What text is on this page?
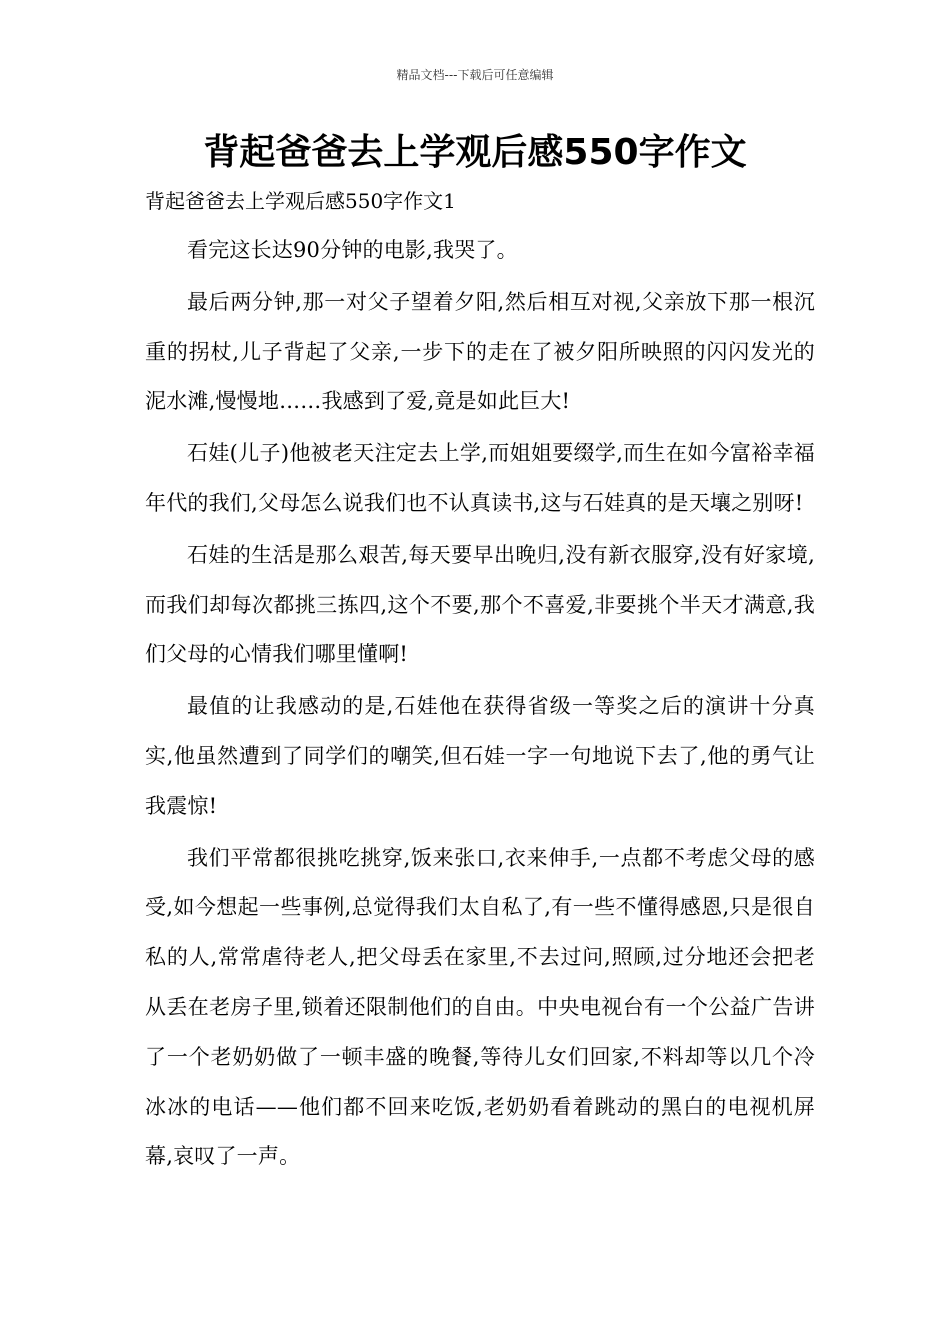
精品文档---下载后可任意编辑
背起爸爸去上学观后感550字作文
背起爸爸去上学观后感550字作文1

看完这长达90分钟的电影,我哭了。

最后两分钟,那一对父子望着夕阳,然后相互对视,父亲放下那一根沉重的拐杖,儿子背起了父亲,一步下的走在了被夕阳所映照的闪闪发光的泥水滩,慢慢地……我感到了爱,竟是如此巨大!

石娃(儿子)他被老天注定去上学,而姐姐要缀学,而生在如今富裕幸福年代的我们,父母怎么说我们也不认真读书,这与石娃真的是天壤之别呀!

石娃的生活是那么艰苦,每天要早出晚归,没有新衣服穿,没有好家境,而我们却每次都挑三拣四,这个不要,那个不喜爱,非要挑个半天才满意,我们父母的心情我们哪里懂啊!

最值的让我感动的是,石娃他在获得省级一等奖之后的演讲十分真实,他虽然遭到了同学们的嘲笑,但石娃一字一句地说下去了,他的勇气让我震惊!

我们平常都很挑吃挑穿,饭来张口,衣来伸手,一点都不考虑父母的感受,如今想起一些事例,总觉得我们太自私了,有一些不懂得感恩,只是很自私的人,常常虐待老人,把父母丢在家里,不去过问,照顾,过分地还会把老从丢在老房子里,锁着还限制他们的自由。中央电视台有一个公益广告讲了一个老奶奶做了一顿丰盛的晚餐,等待儿女们回家,不料却等以几个冷冰冰的电话——他们都不回来吃饭,老奶奶看着跳动的黑白的电视机屏幕,哀叹了一声。
